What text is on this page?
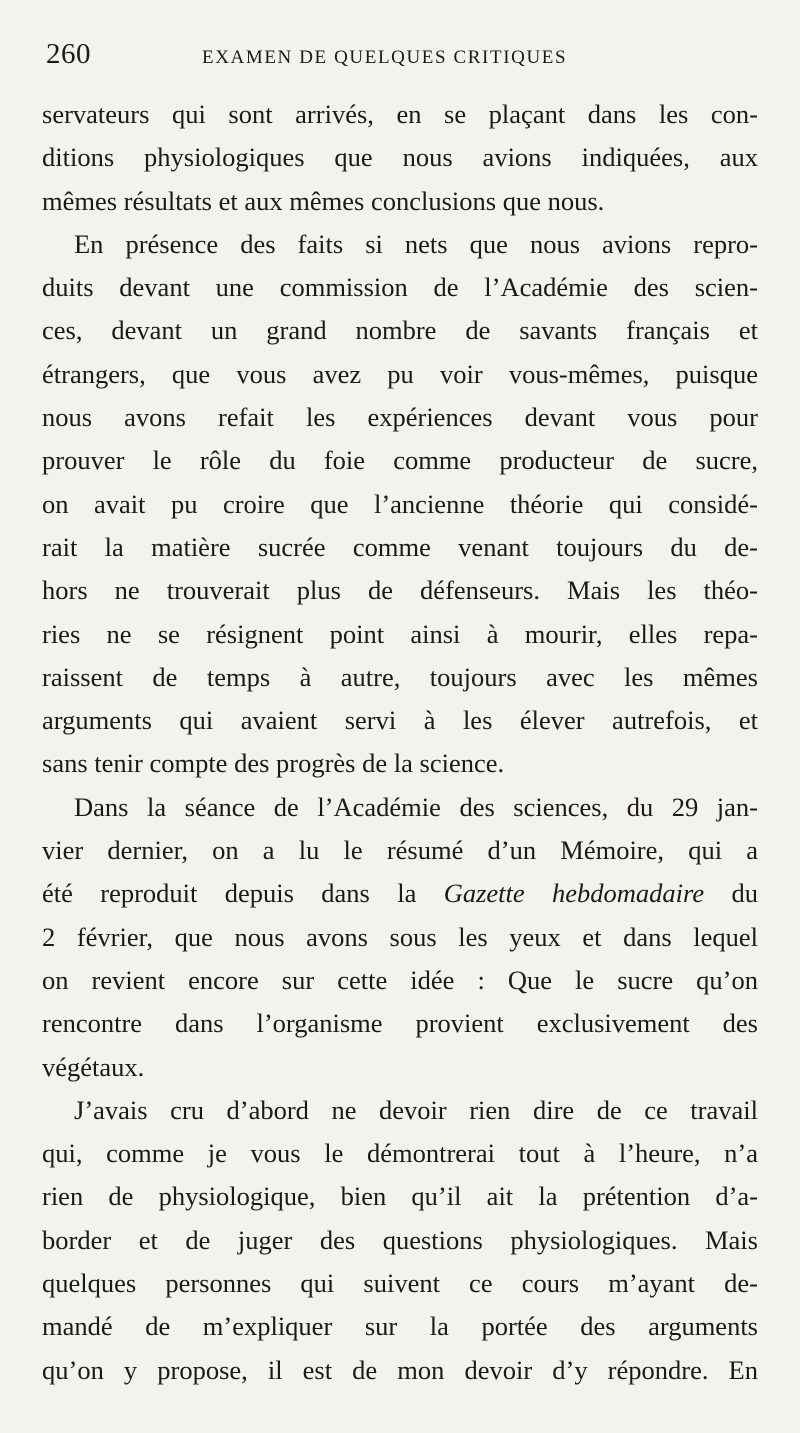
260	EXAMEN DE QUELQUES CRITIQUES
servateurs qui sont arrivés, en se plaçant dans les con-
ditions physiologiques que nous avions indiquées, aux
mêmes résultats et aux mêmes conclusions que nous.
En présence des faits si nets que nous avions repro-
duits devant une commission de l’Académie des scien-
ces, devant un grand nombre de savants français et
étrangers, que vous avez pu voir vous-mêmes, puisque
nous avons refait les expériences devant vous pour
prouver le rôle du foie comme producteur de sucre,
on avait pu croire que l’ancienne théorie qui considé-
rait la matière sucrée comme venant toujours du de-
hors ne trouverait plus de défenseurs. Mais les théo-
ries ne se résignent point ainsi à mourir, elles repa-
raissent de temps à autre, toujours avec les mêmes
arguments qui avaient servi à les élever autrefois, et
sans tenir compte des progrès de la science.
Dans la séance de l’Académie des sciences, du 29 jan-
vier dernier, on a lu le résumé d’un Mémoire, qui a
été reproduit depuis dans la Gazette hebdomadaire du
2 février, que nous avons sous les yeux et dans lequel
on revient encore sur cette idée : Que le sucre qu’on
rencontre dans l’organisme provient exclusivement des
végétaux.
J’avais cru d’abord ne devoir rien dire de ce travail
qui, comme je vous le démontrerai tout à l’heure, n’a
rien de physiologique, bien qu’il ait la prétention d’a-
border et de juger des questions physiologiques. Mais
quelques personnes qui suivent ce cours m’ayant de-
mandé de m’expliquer sur la portée des arguments
qu’on y propose, il est de mon devoir d’y répondre. En
